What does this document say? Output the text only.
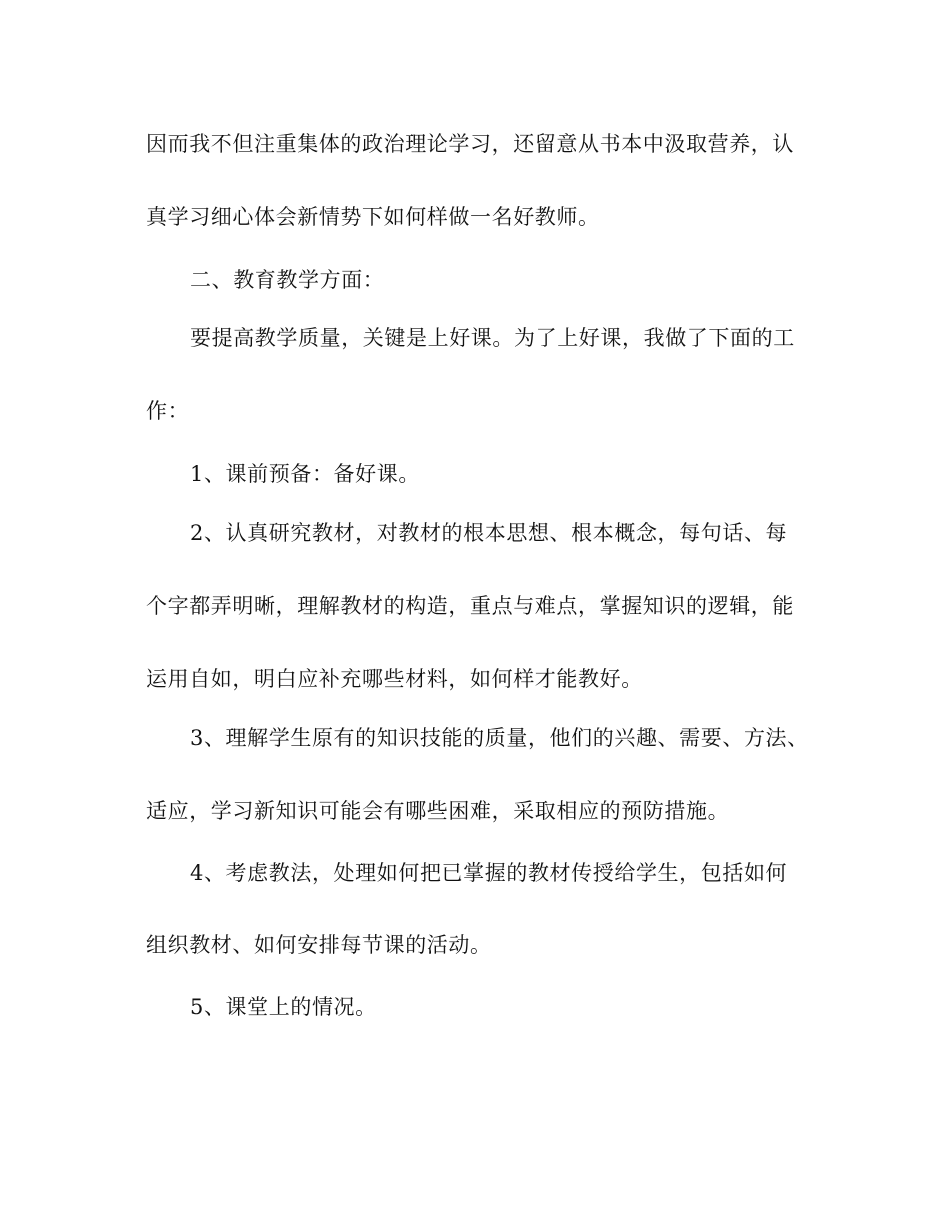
因而我不但注重集体的政治理论学习，还留意从书本中汲取营养，认
真学习细心体会新情势下如何样做一名好教师。
二、教育教学方面：
要提高教学质量，关键是上好课。为了上好课，我做了下面的工
作：
1、课前预备：备好课。
2、认真研究教材，对教材的根本思想、根本概念，每句话、每
个字都弄明晰，理解教材的构造，重点与难点，掌握知识的逻辑，能
运用自如，明白应补充哪些材料，如何样才能教好。
3、理解学生原有的知识技能的质量，他们的兴趣、需要、方法、
适应，学习新知识可能会有哪些困难，采取相应的预防措施。
4、考虑教法，处理如何把已掌握的教材传授给学生，包括如何
组织教材、如何安排每节课的活动。
5、课堂上的情况。
